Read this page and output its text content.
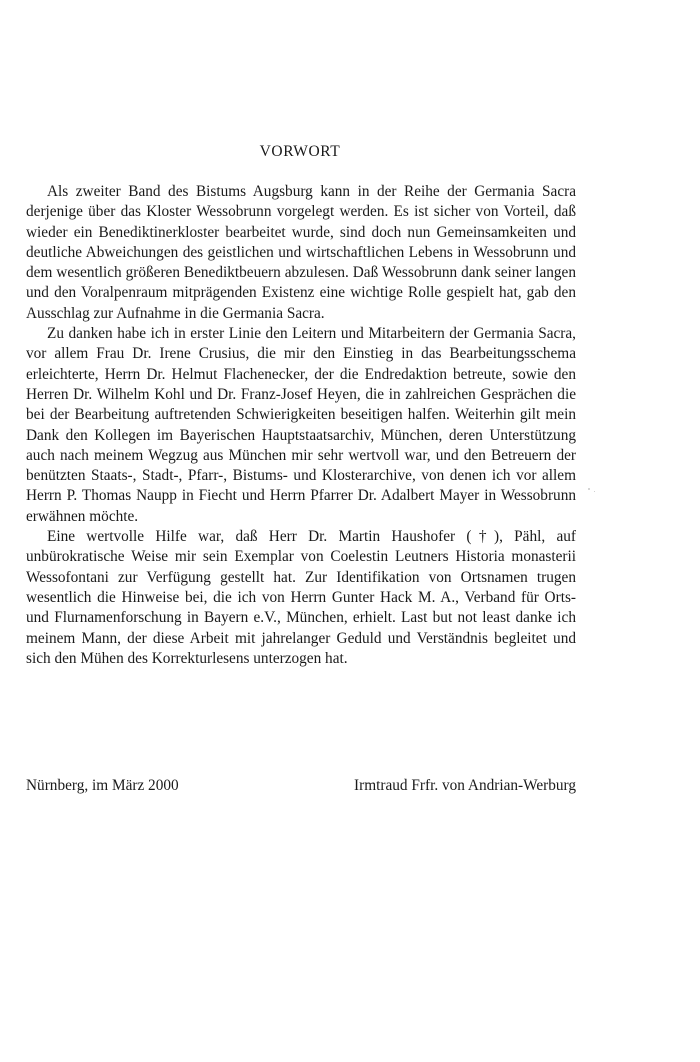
VORWORT

Als zweiter Band des Bistums Augsburg kann in der Reihe der Germania Sacra derjenige über das Kloster Wessobrunn vorgelegt werden. Es ist sicher von Vorteil, daß wieder ein Benediktinerkloster bearbeitet wurde, sind doch nun Gemeinsamkeiten und deutliche Abweichungen des geistlichen und wirtschaftlichen Lebens in Wessobrunn und dem wesentlich größeren Benediktbeuern abzulesen. Daß Wessobrunn dank seiner langen und den Voralpenraum mitprägenden Existenz eine wichtige Rolle gespielt hat, gab den Ausschlag zur Aufnahme in die Germania Sacra.

Zu danken habe ich in erster Linie den Leitern und Mitarbeitern der Germania Sacra, vor allem Frau Dr. Irene Crusius, die mir den Einstieg in das Bearbeitungsschema erleichterte, Herrn Dr. Helmut Flachenecker, der die Endredaktion betreute, sowie den Herren Dr. Wilhelm Kohl und Dr. Franz-Josef Heyen, die in zahlreichen Gesprächen die bei der Bearbeitung auftretenden Schwierigkeiten beseitigen halfen. Weiterhin gilt mein Dank den Kollegen im Bayerischen Hauptstaatsarchiv, München, deren Unterstützung auch nach meinem Wegzug aus München mir sehr wertvoll war, und den Betreuern der benützten Staats-, Stadt-, Pfarr-, Bistums- und Klosterarchive, von denen ich vor allem Herrn P. Thomas Naupp in Fiecht und Herrn Pfarrer Dr. Adalbert Mayer in Wessobrunn erwähnen möchte.

Eine wertvolle Hilfe war, daß Herr Dr. Martin Haushofer (†), Pähl, auf unbürokratische Weise mir sein Exemplar von Coelestin Leutners Historia monasterii Wessofontani zur Verfügung gestellt hat. Zur Identifikation von Ortsnamen trugen wesentlich die Hinweise bei, die ich von Herrn Gunter Hack M. A., Verband für Orts- und Flurnamenforschung in Bayern e.V., München, erhielt. Last but not least danke ich meinem Mann, der diese Arbeit mit jahrelanger Geduld und Verständnis begleitet und sich den Mühen des Korrekturlesens unterzogen hat.

Nürnberg, im März 2000	Irmtraud Frfr. von Andrian-Werburg
